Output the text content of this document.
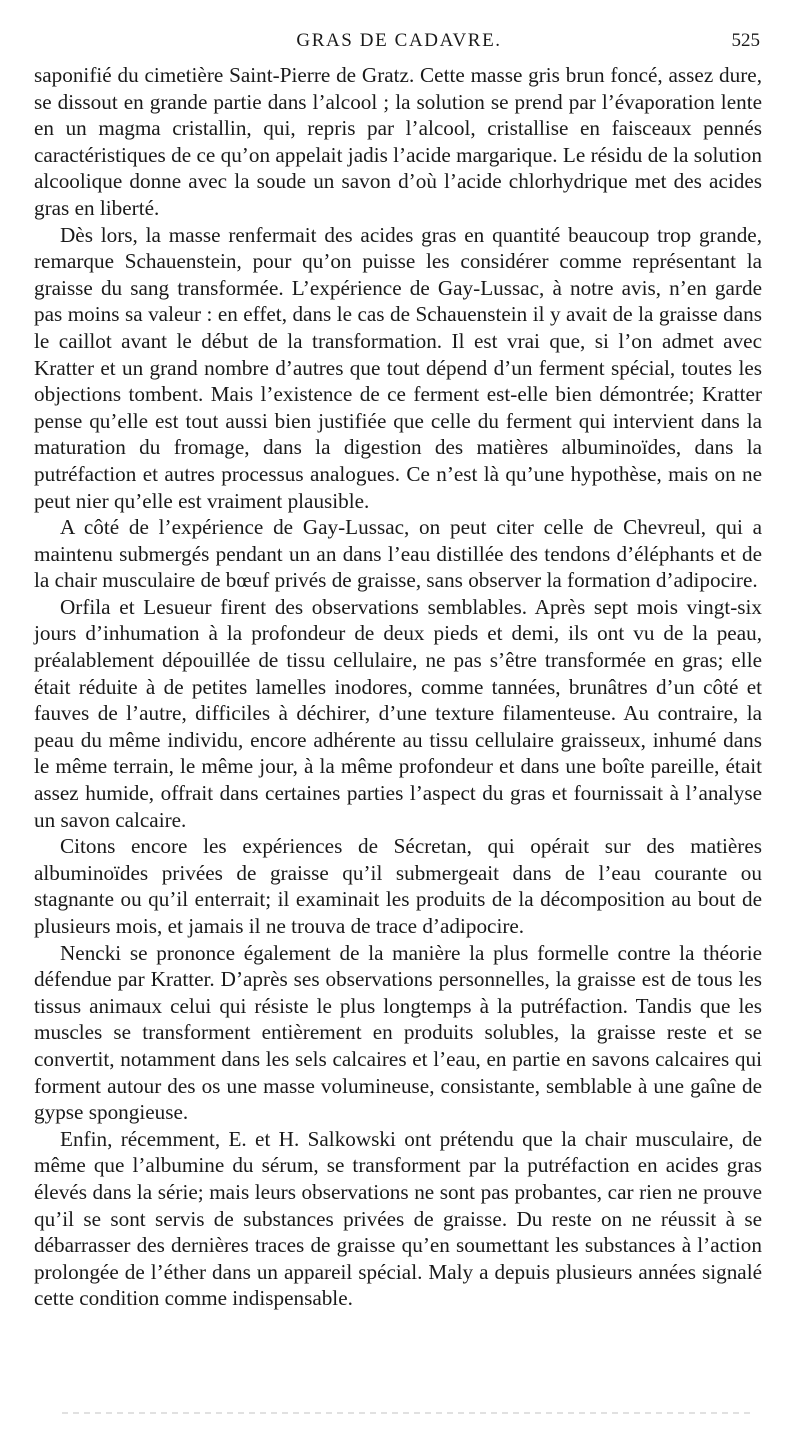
GRAS DE CADAVRE.	525

saponifié du cimetière Saint-Pierre de Gratz. Cette masse gris brun foncé, assez dure, se dissout en grande partie dans l’alcool ; la solution se prend par l’évaporation lente en un magma cristallin, qui, repris par l’alcool, cristallise en faisceaux pennés caractéristiques de ce qu’on appelait jadis l’acide margarique. Le résidu de la solution alcoolique donne avec la soude un savon d’où l’acide chlorhydrique met des acides gras en liberté.

Dès lors, la masse renfermait des acides gras en quantité beaucoup trop grande, remarque Schauenstein, pour qu’on puisse les considérer comme représentant la graisse du sang transformée. L’expérience de Gay-Lussac, à notre avis, n’en garde pas moins sa valeur : en effet, dans le cas de Schauenstein il y avait de la graisse dans le caillot avant le début de la transformation. Il est vrai que, si l’on admet avec Kratter et un grand nombre d’autres que tout dépend d’un ferment spécial, toutes les objections tombent. Mais l’existence de ce ferment est-elle bien démontrée; Kratter pense qu’elle est tout aussi bien justifiée que celle du ferment qui intervient dans la maturation du fromage, dans la digestion des matières albuminoïdes, dans la putréfaction et autres processus analogues. Ce n’est là qu’une hypothèse, mais on ne peut nier qu’elle est vraiment plausible.

A côté de l’expérience de Gay-Lussac, on peut citer celle de Chevreul, qui a maintenu submergés pendant un an dans l’eau distillée des tendons d’éléphants et de la chair musculaire de bœuf privés de graisse, sans observer la formation d’adipocire.

Orfila et Lesueur firent des observations semblables. Après sept mois vingt-six jours d’inhumation à la profondeur de deux pieds et demi, ils ont vu de la peau, préalablement dépouillée de tissu cellulaire, ne pas s’être transformée en gras; elle était réduite à de petites lamelles inodores, comme tannées, brunâtres d’un côté et fauves de l’autre, difficiles à déchirer, d’une texture filamenteuse. Au contraire, la peau du même individu, encore adhérente au tissu cellulaire graisseux, inhumé dans le même terrain, le même jour, à la même profondeur et dans une boîte pareille, était assez humide, offrait dans certaines parties l’aspect du gras et fournissait à l’analyse un savon calcaire.

Citons encore les expériences de Sécretan, qui opérait sur des matières albuminoïdes privées de graisse qu’il submergeait dans de l’eau courante ou stagnante ou qu’il enterrait; il examinait les produits de la décomposition au bout de plusieurs mois, et jamais il ne trouva de trace d’adipocire.

Nencki se prononce également de la manière la plus formelle contre la théorie défendue par Kratter. D’après ses observations personnelles, la graisse est de tous les tissus animaux celui qui résiste le plus longtemps à la putréfaction. Tandis que les muscles se transforment entièrement en produits solubles, la graisse reste et se convertit, notamment dans les sels calcaires et l’eau, en partie en savons calcaires qui forment autour des os une masse volumineuse, consistante, semblable à une gaîne de gypse spongieuse.

Enfin, récemment, E. et H. Salkowski ont prétendu que la chair musculaire, de même que l’albumine du sérum, se transforment par la putréfaction en acides gras élevés dans la série; mais leurs observations ne sont pas probantes, car rien ne prouve qu’il se sont servis de substances privées de graisse. Du reste on ne réussit à se débarrasser des dernières traces de graisse qu’en soumettant les substances à l’action prolongée de l’éther dans un appareil spécial. Maly a depuis plusieurs années signalé cette condition comme indispensable.
